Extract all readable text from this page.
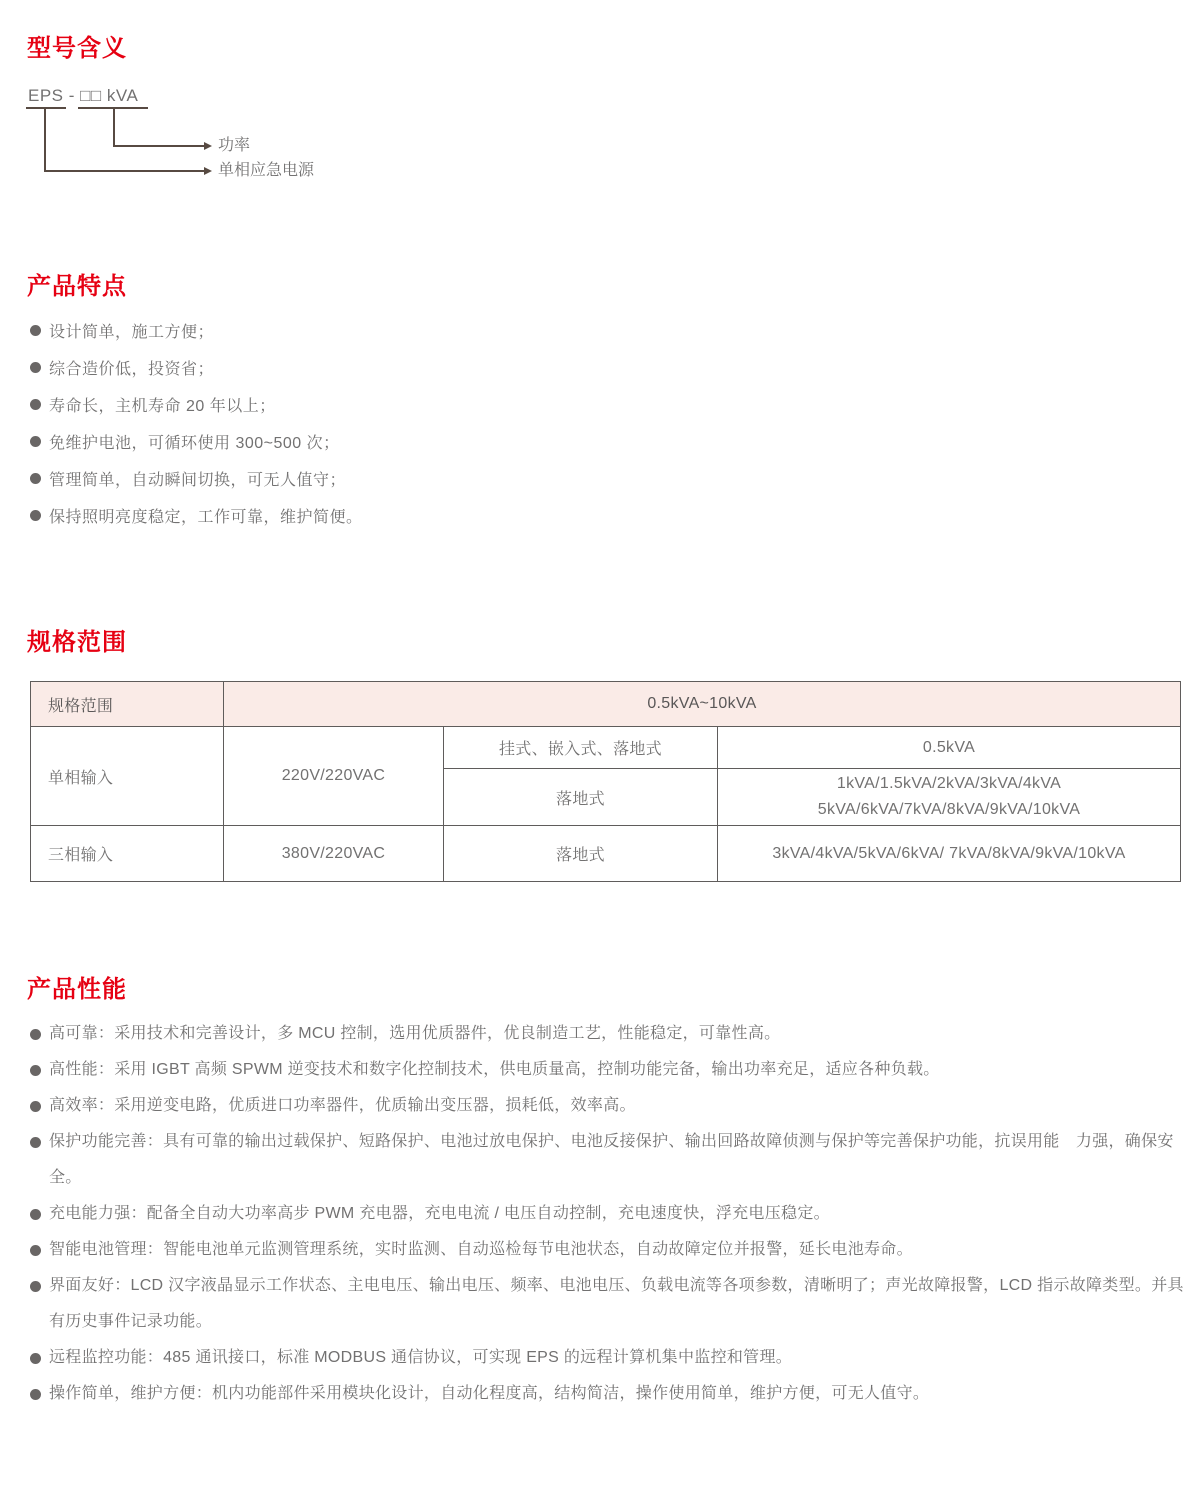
型号含义
EPS - □□ kVA
功率
单相应急电源
产品特点
设计简单，施工方便；
综合造价低，投资省；
寿命长，主机寿命 20 年以上；
免维护电池，可循环使用 300~500 次；
管理简单，自动瞬间切换，可无人值守；
保持照明亮度稳定，工作可靠，维护简便。
规格范围
规格范围	0.5kVA~10kVA		
单相输入	220V/220VAC	挂式、嵌入式、落地式	0.5kVA
		落地式	1kVA/1.5kVA/2kVA/3kVA/4kVA
5kVA/6kVA/7kVA/8kVA/9kVA/10kVA

三相输入	380V/220VAC	落地式	3kVA/4kVA/5kVA/6kVA/ 7kVA/8kVA/9kVA/10kVA
产品性能
高可靠：采用技术和完善设计，多 MCU 控制，选用优质器件，优良制造工艺，性能稳定，可靠性高。
高性能：采用 IGBT 高频 SPWM 逆变技术和数字化控制技术，供电质量高，控制功能完备，输出功率充足，适应各种负载。
高效率：采用逆变电路，优质进口功率器件，优质输出变压器，损耗低，效率高。
保护功能完善：具有可靠的输出过载保护、短路保护、电池过放电保护、电池反接保护、输出回路故障侦测与保护等完善保护功能，抗误用能　力强，确保安全。
充电能力强：配备全自动大功率高步 PWM 充电器，充电电流 / 电压自动控制，充电速度快，浮充电压稳定。
智能电池管理：智能电池单元监测管理系统，实时监测、自动巡检每节电池状态，自动故障定位并报警，延长电池寿命。
界面友好：LCD 汉字液晶显示工作状态、主电电压、输出电压、频率、电池电压、负载电流等各项参数，清晰明了；声光故障报警，LCD 指示故障类型。并具有历史事件记录功能。
远程监控功能：485 通讯接口，标准 MODBUS 通信协议，可实现 EPS 的远程计算机集中监控和管理。
操作简单，维护方便：机内功能部件采用模块化设计，自动化程度高，结构简洁，操作使用简单，维护方便，可无人值守。
